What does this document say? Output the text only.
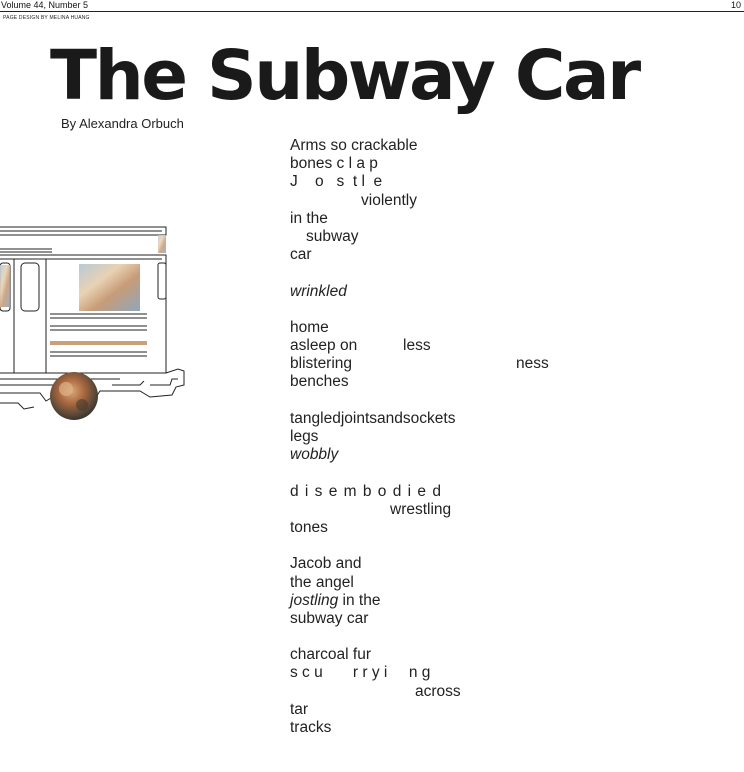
Volume 44, Number 5	10
PAGE DESIGN BY MELINA HUANG
The Subway Car
By Alexandra Orbuch
Arms so crackable
bones c l a p
J    o   s  t l  e
violently
in the
subway
car
wrinkled

home

less

ness

asleep on
blistering
benches
tangledjointsandsockets
legs
wobbly
d i s e m b o d i e d
wrestling
tones
Jacob and
the angel
jostling in the
subway car
charcoal fur
s c u       r r y i     n g
across
tar
tracks
